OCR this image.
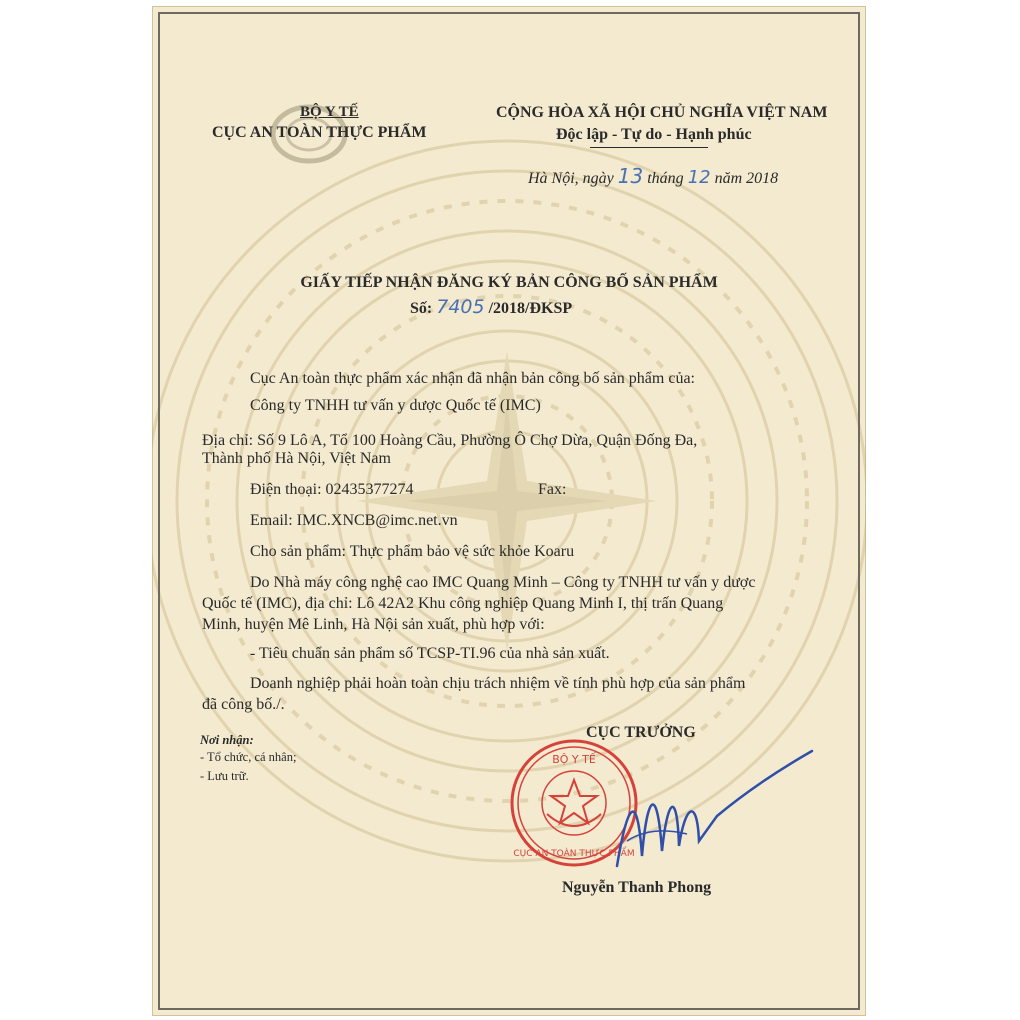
BỘ Y TẾ
CỤC AN TOÀN THỰC PHẨM
CỘNG HÒA XÃ HỘI CHỦ NGHĨA VIỆT NAM
Độc lập - Tự do - Hạnh phúc
Hà Nội, ngày 13 tháng 12 năm 2018
GIẤY TIẾP NHẬN ĐĂNG KÝ BẢN CÔNG BỐ SẢN PHẨM
Số: 7405 /2018/ĐKSP
Cục An toàn thực phẩm xác nhận đã nhận bản công bố sản phẩm của:
Công ty TNHH tư vấn y dược Quốc tế (IMC)
Địa chỉ: Số 9 Lô A, Tổ 100 Hoàng Cầu, Phường Ô Chợ Dừa, Quận Đống Đa,
Thành phố Hà Nội, Việt Nam
Điện thoại: 02435377274	Fax:
Email: IMC.XNCB@imc.net.vn
Cho sản phẩm: Thực phẩm bảo vệ sức khỏe Koaru
Do Nhà máy công nghệ cao IMC Quang Minh – Công ty TNHH tư vấn y dược
Quốc tế (IMC), địa chỉ: Lô 42A2 Khu công nghiệp Quang Minh I, thị trấn Quang
Minh, huyện Mê Linh, Hà Nội sản xuất, phù hợp với:
- Tiêu chuẩn sản phẩm số TCSP-TI.96 của nhà sản xuất.
Doanh nghiệp phải hoàn toàn chịu trách nhiệm về tính phù hợp của sản phẩm
đã công bố./.
Nơi nhận:
- Tổ chức, cá nhân;
- Lưu trữ.
CỤC TRƯỞNG
BỘ Y TẾ
CỤC AN TOÀN THỰC PHẨM
Nguyễn Thanh Phong
